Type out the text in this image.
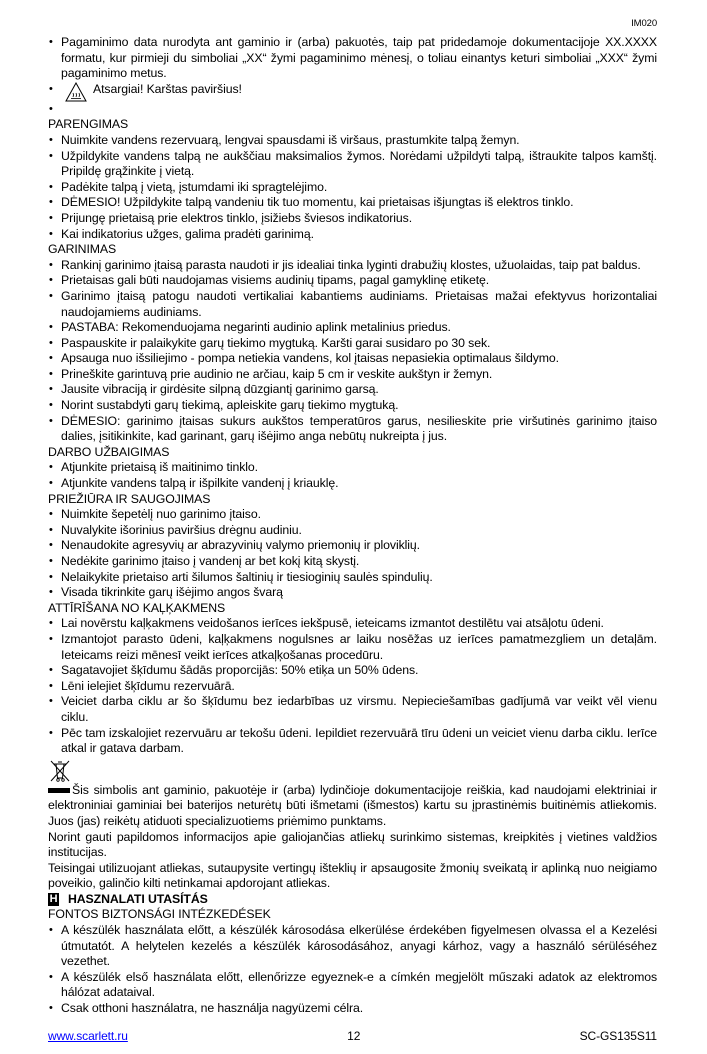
IM020
• Pagaminimo data nurodyta ant gaminio ir (arba) pakuotės, taip pat pridedamoje dokumentacijoje XX.XXXX formatu, kur pirmieji du simboliai „XX“ žymi pagaminimo mėnesį, o toliau einantys keturi simboliai „XXX“ žymi pagaminimo metus.
• Atsargiai! Karštas paviršius!
•
PARENGIMAS
• Nuimkite vandens rezervuarą, lengvai spausdami iš viršaus, prastumkite talpą žemyn.
• Užpildykite vandens talpą ne aukščiau maksimalios žymos. Norėdami užpildyti talpą, ištraukite talpos kamštį. Pripildę grąžinkite į vietą.
• Padėkite talpą į vietą, įstumdami iki spragtelėjimo.
• DĖMESIO! Užpildykite talpą vandeniu tik tuo momentu, kai prietaisas išjungtas iš elektros tinklo.
• Prijungę prietaisą prie elektros tinklo, įsižiebs šviesos indikatorius.
• Kai indikatorius užges, galima pradėti garinimą.
GARINIMAS
• Rankinį garinimo įtaisą parasta naudoti ir jis idealiai tinka lyginti drabužių klostes, užuolaidas, taip pat baldus.
• Prietaisas gali būti naudojamas visiems audinių tipams, pagal gamyklinę etiketę.
• Garinimo įtaisą patogu naudoti vertikaliai kabantiems audiniams. Prietaisas mažai efektyvus horizontaliai naudojamiems audiniams.
• PASTABA: Rekomenduojama negarinti audinio aplink metalinius priedus.
• Paspauskite ir palaikykite garų tiekimo mygtuką. Karšti garai susidaro po 30 sek.
• Apsauga nuo išsiliejimo - pompa netiekia vandens, kol įtaisas nepasiekia optimalaus šildymo.
• Prineškite garintuvą prie audinio ne arčiau, kaip 5 cm ir veskite aukštyn ir žemyn.
• Jausite vibraciją ir girdėsite silpną dūzgiantį garinimo garsą.
• Norint sustabdyti garų tiekimą, apleiskite garų tiekimo mygtuką.
• DĖMESIO: garinimo įtaisas sukurs aukštos temperatūros garus, nesilieskite prie viršutinės garinimo įtaiso dalies, įsitikinkite, kad garinant, garų išėjimo anga nebūtų nukreipta į jus.
DARBO UŽBAIGIMAS
• Atjunkite prietaisą iš maitinimo tinklo.
• Atjunkite vandens talpą ir išpilkite vandenį į kriauklę.
PRIEŽIŪRA IR SAUGOJIMAS
• Nuimkite šepetėlį nuo garinimo įtaiso.
• Nuvalykite išorinius paviršius drėgnu audiniu.
• Nenaudokite agresyvių ar abrazyvinių valymo priemonių ir ploviklių.
• Nedėkite garinimo įtaiso į vandenį ar bet kokį kitą skystį.
• Nelaikykite prietaiso arti šilumos šaltinių ir tiesioginių saulės spindulių.
• Visada tikrinkite garų išėjimo angos švarą
ATTĪRĪŠANA NO KAĻĶAKMENS
• Lai novērstu kaļķakmens veidošanos ierīces iekšpusē, ieteicams izmantot destilētu vai atsāļotu ūdeni.
• Izmantojot parasto ūdeni, kaļķakmens nogulsnes ar laiku nosēžas uz ierīces pamatmezgliem un detaļām. Ieteicams reizi mēnesī veikt ierīces atkaļķošanas procedūru.
• Sagatavojiet šķīdumu šādās proporcijās: 50% etiķa un 50% ūdens.
• Lēni ielejiet šķīdumu rezervuārā.
• Veiciet darba ciklu ar šo šķīdumu bez iedarbības uz virsmu. Nepieciešamības gadījumā var veikt vēl vienu ciklu.
• Pēc tam izskalojiet rezervuāru ar tekošu ūdeni. Iepildiet rezervuārā tīru ūdeni un veiciet vienu darba ciklu. Ierīce atkal ir gatava darbam.
Šis simbolis ant gaminio, pakuotėje ir (arba) lydinčioje dokumentacijoje reiškia, kad naudojami elektriniai ir elektroniniai gaminiai bei baterijos neturėtų būti išmetami (išmestos) kartu su įprastinėmis buitinėmis atliekomis. Juos (jas) reikėtų atiduoti specializuotiems priėmimo punktams.
Norint gauti papildomos informacijos apie galiojančias atliekų surinkimo sistemas, kreipkitės į vietines valdžios institucijas.
Teisingai utilizuojant atliekas, sutaupysite vertingų išteklių ir apsaugosite žmonių sveikatą ir aplinką nuo neigiamo poveikio, galinčio kilti netinkamai apdorojant atliekas.
H HASZNALATI UTASÍTÁS
FONTOS BIZTONSÁGI INTÉZKEDÉSEK
• A készülék használata előtt, a készülék károsodása elkerülése érdekében figyelmesen olvassa el a Kezelési útmutatót. A helytelen kezelés a készülék károsodásához, anyagi kárhoz, vagy a használó sérüléséhez vezethet.
• A készülék első használata előtt, ellenőrizze egyeznek-e a címkén megjelölt műszaki adatok az elektromos hálózat adataival.
• Csak otthoni használatra, ne használja nagyüzemi célra.
www.scarlett.ru	12	SC-GS135S11
